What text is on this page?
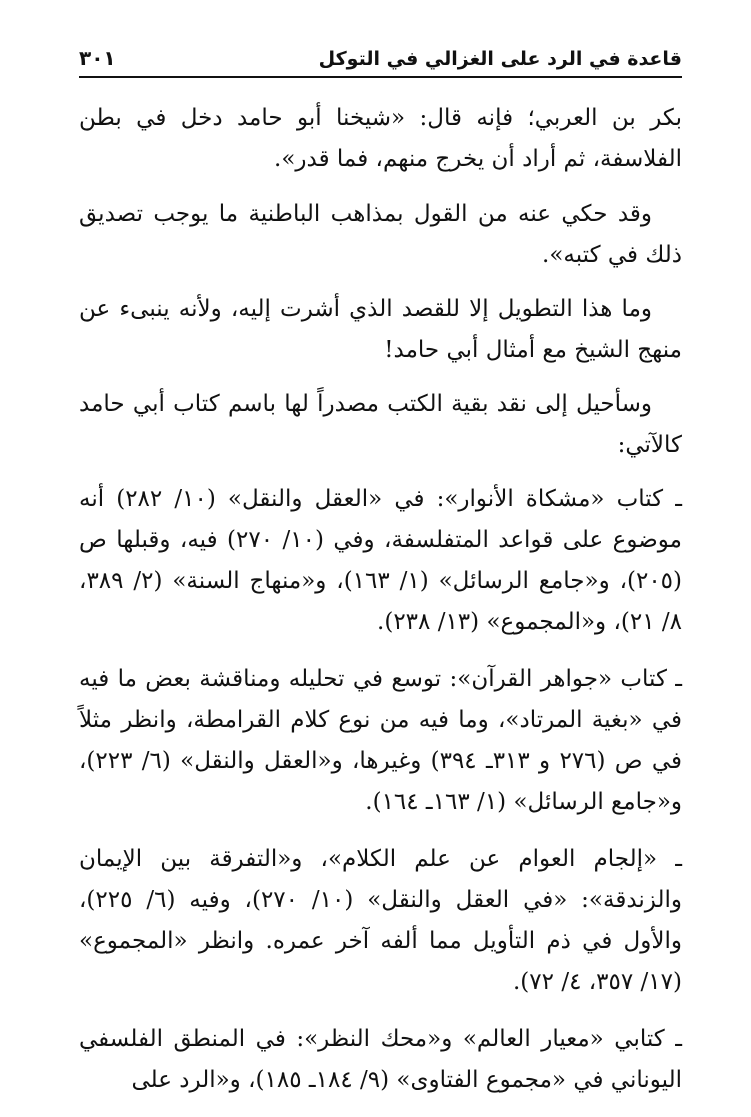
قاعدة في الرد على الغزالي في التوكل
٣٠١

بكر بن العربي؛ فإنه قال: «شيخنا أبو حامد دخل في بطن الفلاسفة، ثم أراد أن يخرج منهم، فما قدر».

وقد حكي عنه من القول بمذاهب الباطنية ما يوجب تصديق ذلك في كتبه».

وما هذا التطويل إلا للقصد الذي أشرت إليه، ولأنه ينبىء عن منهج الشيخ مع أمثال أبي حامد!

وسأحيل إلى نقد بقية الكتب مصدراً لها باسم كتاب أبي حامد كالآتي:

ـ كتاب «مشكاة الأنوار»: في «العقل والنقل» (١٠/ ٢٨٢) أنه موضوع على قواعد المتفلسفة، وفي (١٠/ ٢٧٠) فيه، وقبلها ص (٢٠٥)، و«جامع الرسائل» (١/ ١٦٣)، و«منهاج السنة» (٢/ ٣٨٩، ٨/ ٢١)، و«المجموع» (١٣/ ٢٣٨).

ـ كتاب «جواهر القرآن»: توسع في تحليله ومناقشة بعض ما فيه في «بغية المرتاد»، وما فيه من نوع كلام القرامطة، وانظر مثلاً في ص (٢٧٦ و ٣١٣ـ ٣٩٤) وغيرها، و«العقل والنقل» (٦/ ٢٢٣)، و«جامع الرسائل» (١/ ١٦٣ـ ١٦٤).

ـ «إلجام العوام عن علم الكلام»، و«التفرقة بين الإيمان والزندقة»: «في العقل والنقل» (١٠/ ٢٧٠)، وفيه (٦/ ٢٢٥)، والأول في ذم التأويل مما ألفه آخر عمره. وانظر «المجموع» (١٧/ ٣٥٧، ٤/ ٧٢).

ـ كتابي «معيار العالم» و«محك النظر»: في المنطق الفلسفي اليوناني في «مجموع الفتاوى» (٩/ ١٨٤ـ ١٨٥)، و«الرد على
